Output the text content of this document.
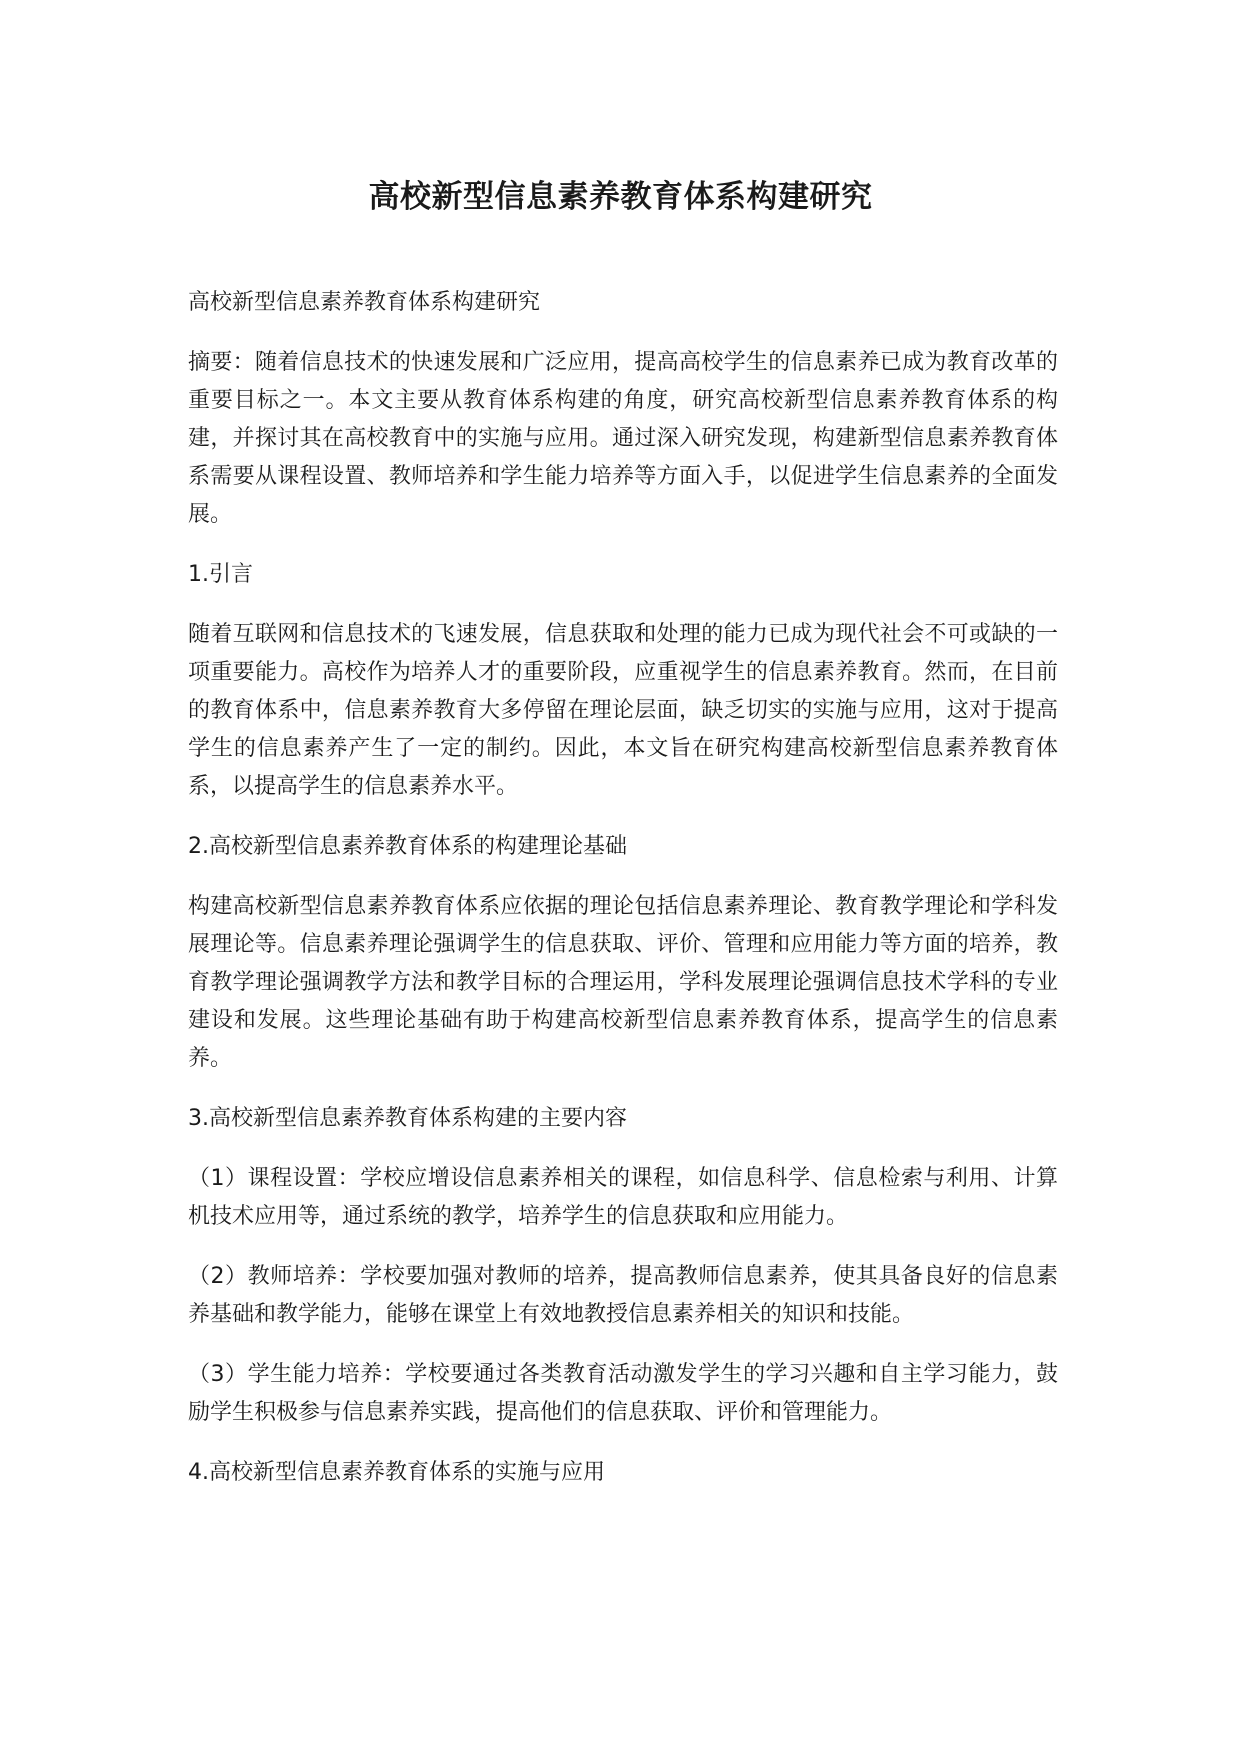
高校新型信息素养教育体系构建研究

高校新型信息素养教育体系构建研究

摘要：随着信息技术的快速发展和广泛应用，提高高校学生的信息素养已成为教育改革的重要目标之一。本文主要从教育体系构建的角度，研究高校新型信息素养教育体系的构建，并探讨其在高校教育中的实施与应用。通过深入研究发现，构建新型信息素养教育体系需要从课程设置、教师培养和学生能力培养等方面入手，以促进学生信息素养的全面发展。

1.引言

随着互联网和信息技术的飞速发展，信息获取和处理的能力已成为现代社会不可或缺的一项重要能力。高校作为培养人才的重要阶段，应重视学生的信息素养教育。然而，在目前的教育体系中，信息素养教育大多停留在理论层面，缺乏切实的实施与应用，这对于提高学生的信息素养产生了一定的制约。因此，本文旨在研究构建高校新型信息素养教育体系，以提高学生的信息素养水平。

2.高校新型信息素养教育体系的构建理论基础

构建高校新型信息素养教育体系应依据的理论包括信息素养理论、教育教学理论和学科发展理论等。信息素养理论强调学生的信息获取、评价、管理和应用能力等方面的培养，教育教学理论强调教学方法和教学目标的合理运用，学科发展理论强调信息技术学科的专业建设和发展。这些理论基础有助于构建高校新型信息素养教育体系，提高学生的信息素养。

3.高校新型信息素养教育体系构建的主要内容

（1）课程设置：学校应增设信息素养相关的课程，如信息科学、信息检索与利用、计算机技术应用等，通过系统的教学，培养学生的信息获取和应用能力。

（2）教师培养：学校要加强对教师的培养，提高教师信息素养，使其具备良好的信息素养基础和教学能力，能够在课堂上有效地教授信息素养相关的知识和技能。

（3）学生能力培养：学校要通过各类教育活动激发学生的学习兴趣和自主学习能力，鼓励学生积极参与信息素养实践，提高他们的信息获取、评价和管理能力。

4.高校新型信息素养教育体系的实施与应用
